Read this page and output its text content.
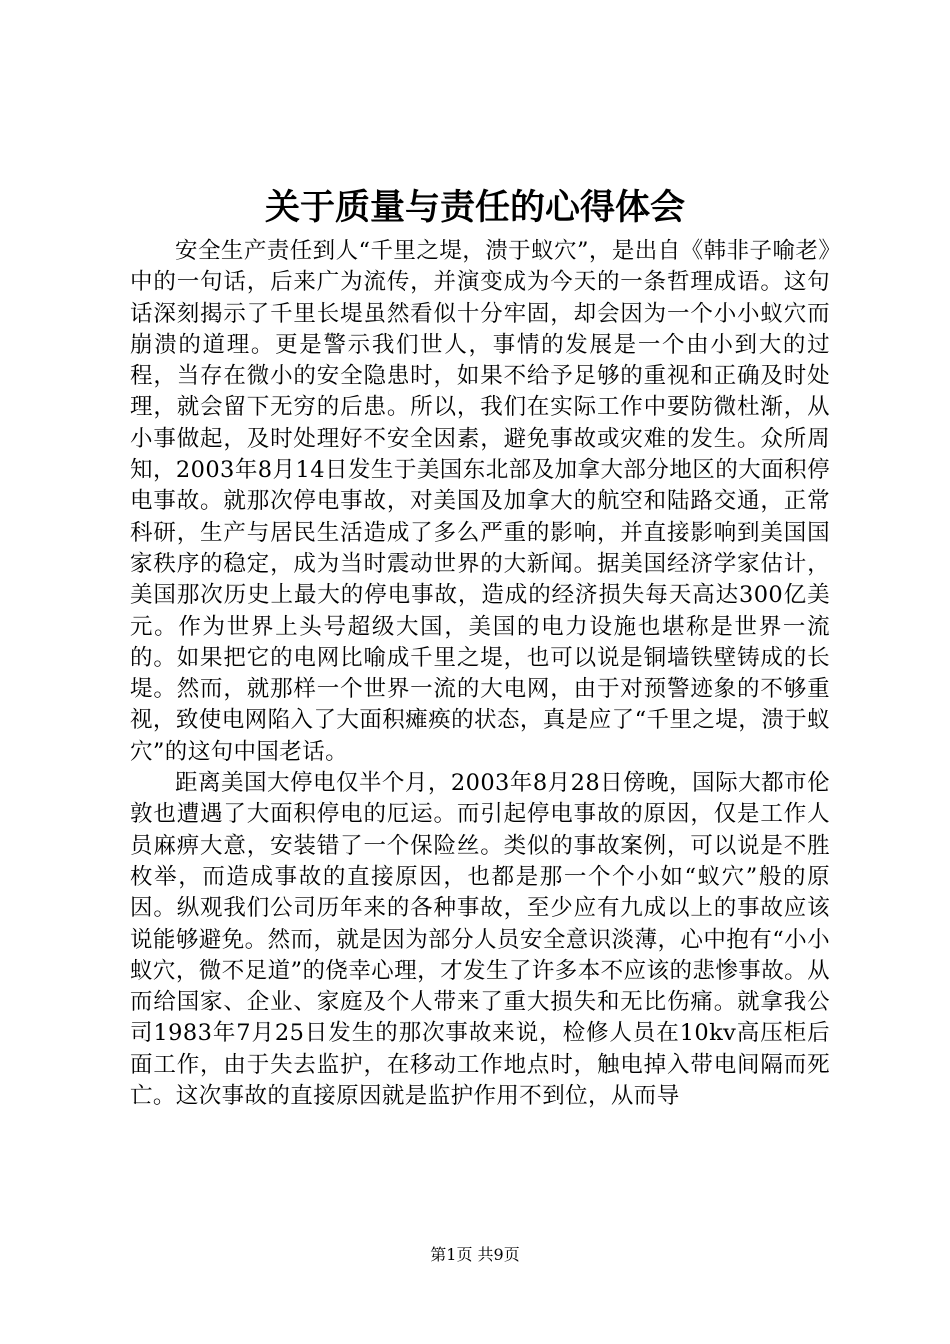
关于质量与责任的心得体会

安全生产责任到人“千里之堤，溃于蚁穴”，是出自《韩非子喻老》中的一句话，后来广为流传，并演变成为今天的一条哲理成语。这句话深刻揭示了千里长堤虽然看似十分牢固，却会因为一个小小蚁穴而崩溃的道理。更是警示我们世人，事情的发展是一个由小到大的过程，当存在微小的安全隐患时，如果不给予足够的重视和正确及时处理，就会留下无穷的后患。所以，我们在实际工作中要防微杜渐，从小事做起，及时处理好不安全因素，避免事故或灾难的发生。众所周知，2003年8月14日发生于美国东北部及加拿大部分地区的大面积停电事故。就那次停电事故，对美国及加拿大的航空和陆路交通，正常科研，生产与居民生活造成了多么严重的影响，并直接影响到美国国家秩序的稳定，成为当时震动世界的大新闻。据美国经济学家估计，美国那次历史上最大的停电事故，造成的经济损失每天高达300亿美元。作为世界上头号超级大国，美国的电力设施也堪称是世界一流的。如果把它的电网比喻成千里之堤，也可以说是铜墙铁壁铸成的长堤。然而，就那样一个世界一流的大电网，由于对预警迹象的不够重视，致使电网陷入了大面积瘫痪的状态，真是应了“千里之堤，溃于蚁穴”的这句中国老话。

距离美国大停电仅半个月，2003年8月28日傍晚，国际大都市伦敦也遭遇了大面积停电的厄运。而引起停电事故的原因，仅是工作人员麻痹大意，安装错了一个保险丝。类似的事故案例，可以说是不胜枚举，而造成事故的直接原因，也都是那一个个小如“蚁穴”般的原因。纵观我们公司历年来的各种事故，至少应有九成以上的事故应该说能够避免。然而，就是因为部分人员安全意识淡薄，心中抱有“小小蚁穴，微不足道”的侥幸心理，才发生了许多本不应该的悲惨事故。从而给国家、企业、家庭及个人带来了重大损失和无比伤痛。就拿我公司1983年7月25日发生的那次事故来说，检修人员在10kv高压柜后面工作，由于失去监护，在移动工作地点时，触电掉入带电间隔而死亡。这次事故的直接原因就是监护作用不到位，从而导

第1页 共9页
